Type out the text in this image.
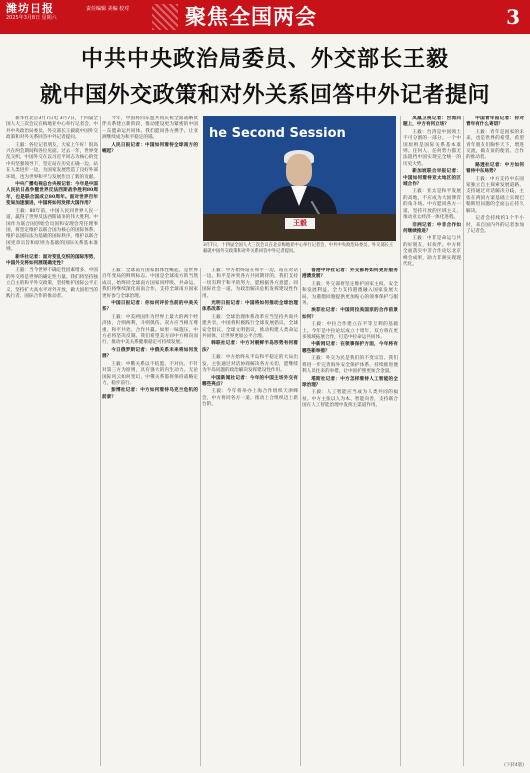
潍坊日报
2025年3月8日 星期六
责任编辑 美编 校对	聚焦全国两会	3
中共中央政治局委员、外交部长王毅
就中国外交政策和对外关系回答中外记者提问
he Second Session
王毅
3月7日，十四届全国人大三次会议在北京梅地亚中心举行记者会，中共中央政治局委员、外交部长王毅就中国外交政策和对外关系回答中外记者提问。

新华社北京3月7日电 3月7日，十四届全国人大三次会议在梅地亚中心举行记者会，中共中央政治局委员、外交部长王毅就中国外交政策和对外关系回答中外记者提问。

王毅：各位记者朋友，大家上午好！很高兴在两会期间和各位见面。过去一年，世界变乱交织，中国外交在以习近平同志为核心的党中央坚强领导下，坚定站在历史正确一边、站在人类进步一边，为国家发展营造了良好外部环境，也为世界和平与发展作出了新的贡献。

中央广播电视总台央视记者：今年是中国人民抗日战争暨世界反法西斯战争胜利80周年，也是联合国成立80周年。面对世界百年变局加速演进，中国将如何发挥大国作用？

王毅：80年前，中国人民同世界人民一道，赢得了世界反法西斯战争的伟大胜利。中国作为联合国创始会员国和安理会常任理事国，将坚定维护以联合国为核心的国际体系，维护以国际法为基础的国际秩序，维护以联合国宪章宗旨和原则为基础的国际关系基本准则。

新华社记者：面对变乱交织的国际形势，中国外交将如何展现确定性？

王毅：当今世界不确定性因素增多，中国的外交将是世界的确定性力量。我们将坚持独立自主的和平外交政策，坚持维护国际公平正义，坚持扩大高水平对外开放，做大国担当的践行者、国际合作的推动者。

今年，中国将同东盟共同庆祝全面战略伙伴关系建立新阶段，推动建设更为紧密的中国－东盟命运共同体。我们愿同各方携手，让亚洲继续成为和平稳定的锚。

人民日报记者：中国如何看待全球南方的崛起？

王毅：全球南方国家群体性崛起，是世界百年变局的鲜明标志。中国是全球南方的当然成员，始终同全球南方国家同呼吸、共命运。我们将继续深化南南合作，支持全球南方国家更好参与全球治理。

中国日报记者：你如何评价当前的中美关系？

王毅：中美两国作为世界上最大的两个经济体，合则两利，斗则俱伤。双方应当相互尊重、和平共处、合作共赢。如果一味施压，中方必将坚决反制。我们希望美方同中方相向而行，推动中美关系健康稳定可持续发展。

今日俄罗斯记者：中俄关系未来将如何发展？

王毅：中俄关系以不结盟、不对抗、不针对第三方为原则，具有强大的内生动力。无论国际风云如何变幻，中俄关系都将保持战略定力，稳步前行。

彭博社记者：中方如何看待乌克兰危机的前景？

王毅：中方始终站在和平一边，站在对话一边。和平是冲突各方共同期待的，我们支持一切有利于和平的努力，愿根据各方意愿，同国际社会一道，为政治解决危机发挥建设性作用。

光明日报记者：中国将如何推动全球治理体系改革？

王毅：全球治理体系改革应当坚持共商共建共享。中国将积极践行全球发展倡议、全球安全倡议、全球文明倡议，推动构建人类命运共同体，让世界更加公平合理。

韩联社记者：中方对朝鲜半岛形势有何看法？

王毅：中方始终从半岛和平稳定的大局出发，主张通过对话协商解决各方关切，愿继续为半岛问题的政治解决发挥建设性作用。

中国新闻社记者：今年的中国主场外交有哪些亮点？

王毅：今年将举办上海合作组织天津峰会，中方将同各方一道，推动上合组织迈上新台阶。

香港中评社记者：外交部将如何更好服务港澳发展？

王毅：外交部将坚定维护国家主权、安全和发展利益，全力支持港澳融入国家发展大局，为港澳同胞提供更加贴心的领事保护与服务。

埃菲社记者：中国同拉美国家的合作前景如何？

王毅：中拉合作建立在平等互利的基础上。今年是中拉论坛成立十周年，双方将在更多领域拓展合作，打造中拉命运共同体。

中新网记者：在领事保护方面，今年将有哪些新举措？

王毅：外交为民是我们的不变宗旨。我们将进一步完善海外安全保护体系，持续推进便利人员往来的举措，让中国护照更加含金量。

塔斯社记者：中方怎样看待人工智能的全球治理？

王毅：人工智能应当成为人类共同的福祉。中方主张以人为本、智能向善，支持联合国在人工智能治理中发挥主渠道作用。

凤凰卫视记者：台湾问题上，中方有何立场？

王毅：台湾是中国领土不可分割的一部分。一个中国原则是国际关系基本准则。任何人、任何势力都无法阻挡中国实现完全统一的历史大势。

新加坡联合早报记者：中国如何看待亚太地区的区域合作？

王毅：亚太是和平发展的高地，不应成为大国博弈的角斗场。中方愿同各方一道，坚持开放的区域主义，推动亚太经济一体化进程。

非洲记者：中非合作如何继续推进？

王毅：中非是命运与共的好朋友、好伙伴。中方将全面落实中非合作论坛北京峰会成果，助力非洲实现现代化。

中国青年报记者：你对青年有什么寄语？

王毅：青年是国家的未来，也是世界的希望。希望青年朋友们胸怀天下，增进交流，做友谊的使者、合作的推动者。

路透社记者：中方如何看待中东局势？

王毅：中方支持中东国家独立自主探索发展道路，支持通过对话解决分歧，主张在两国方案基础上实现巴勒斯坦问题的全面公正持久解决。

记者会持续约1个半小时，来自国内外的记者参加了记者会。

(下转4版)
